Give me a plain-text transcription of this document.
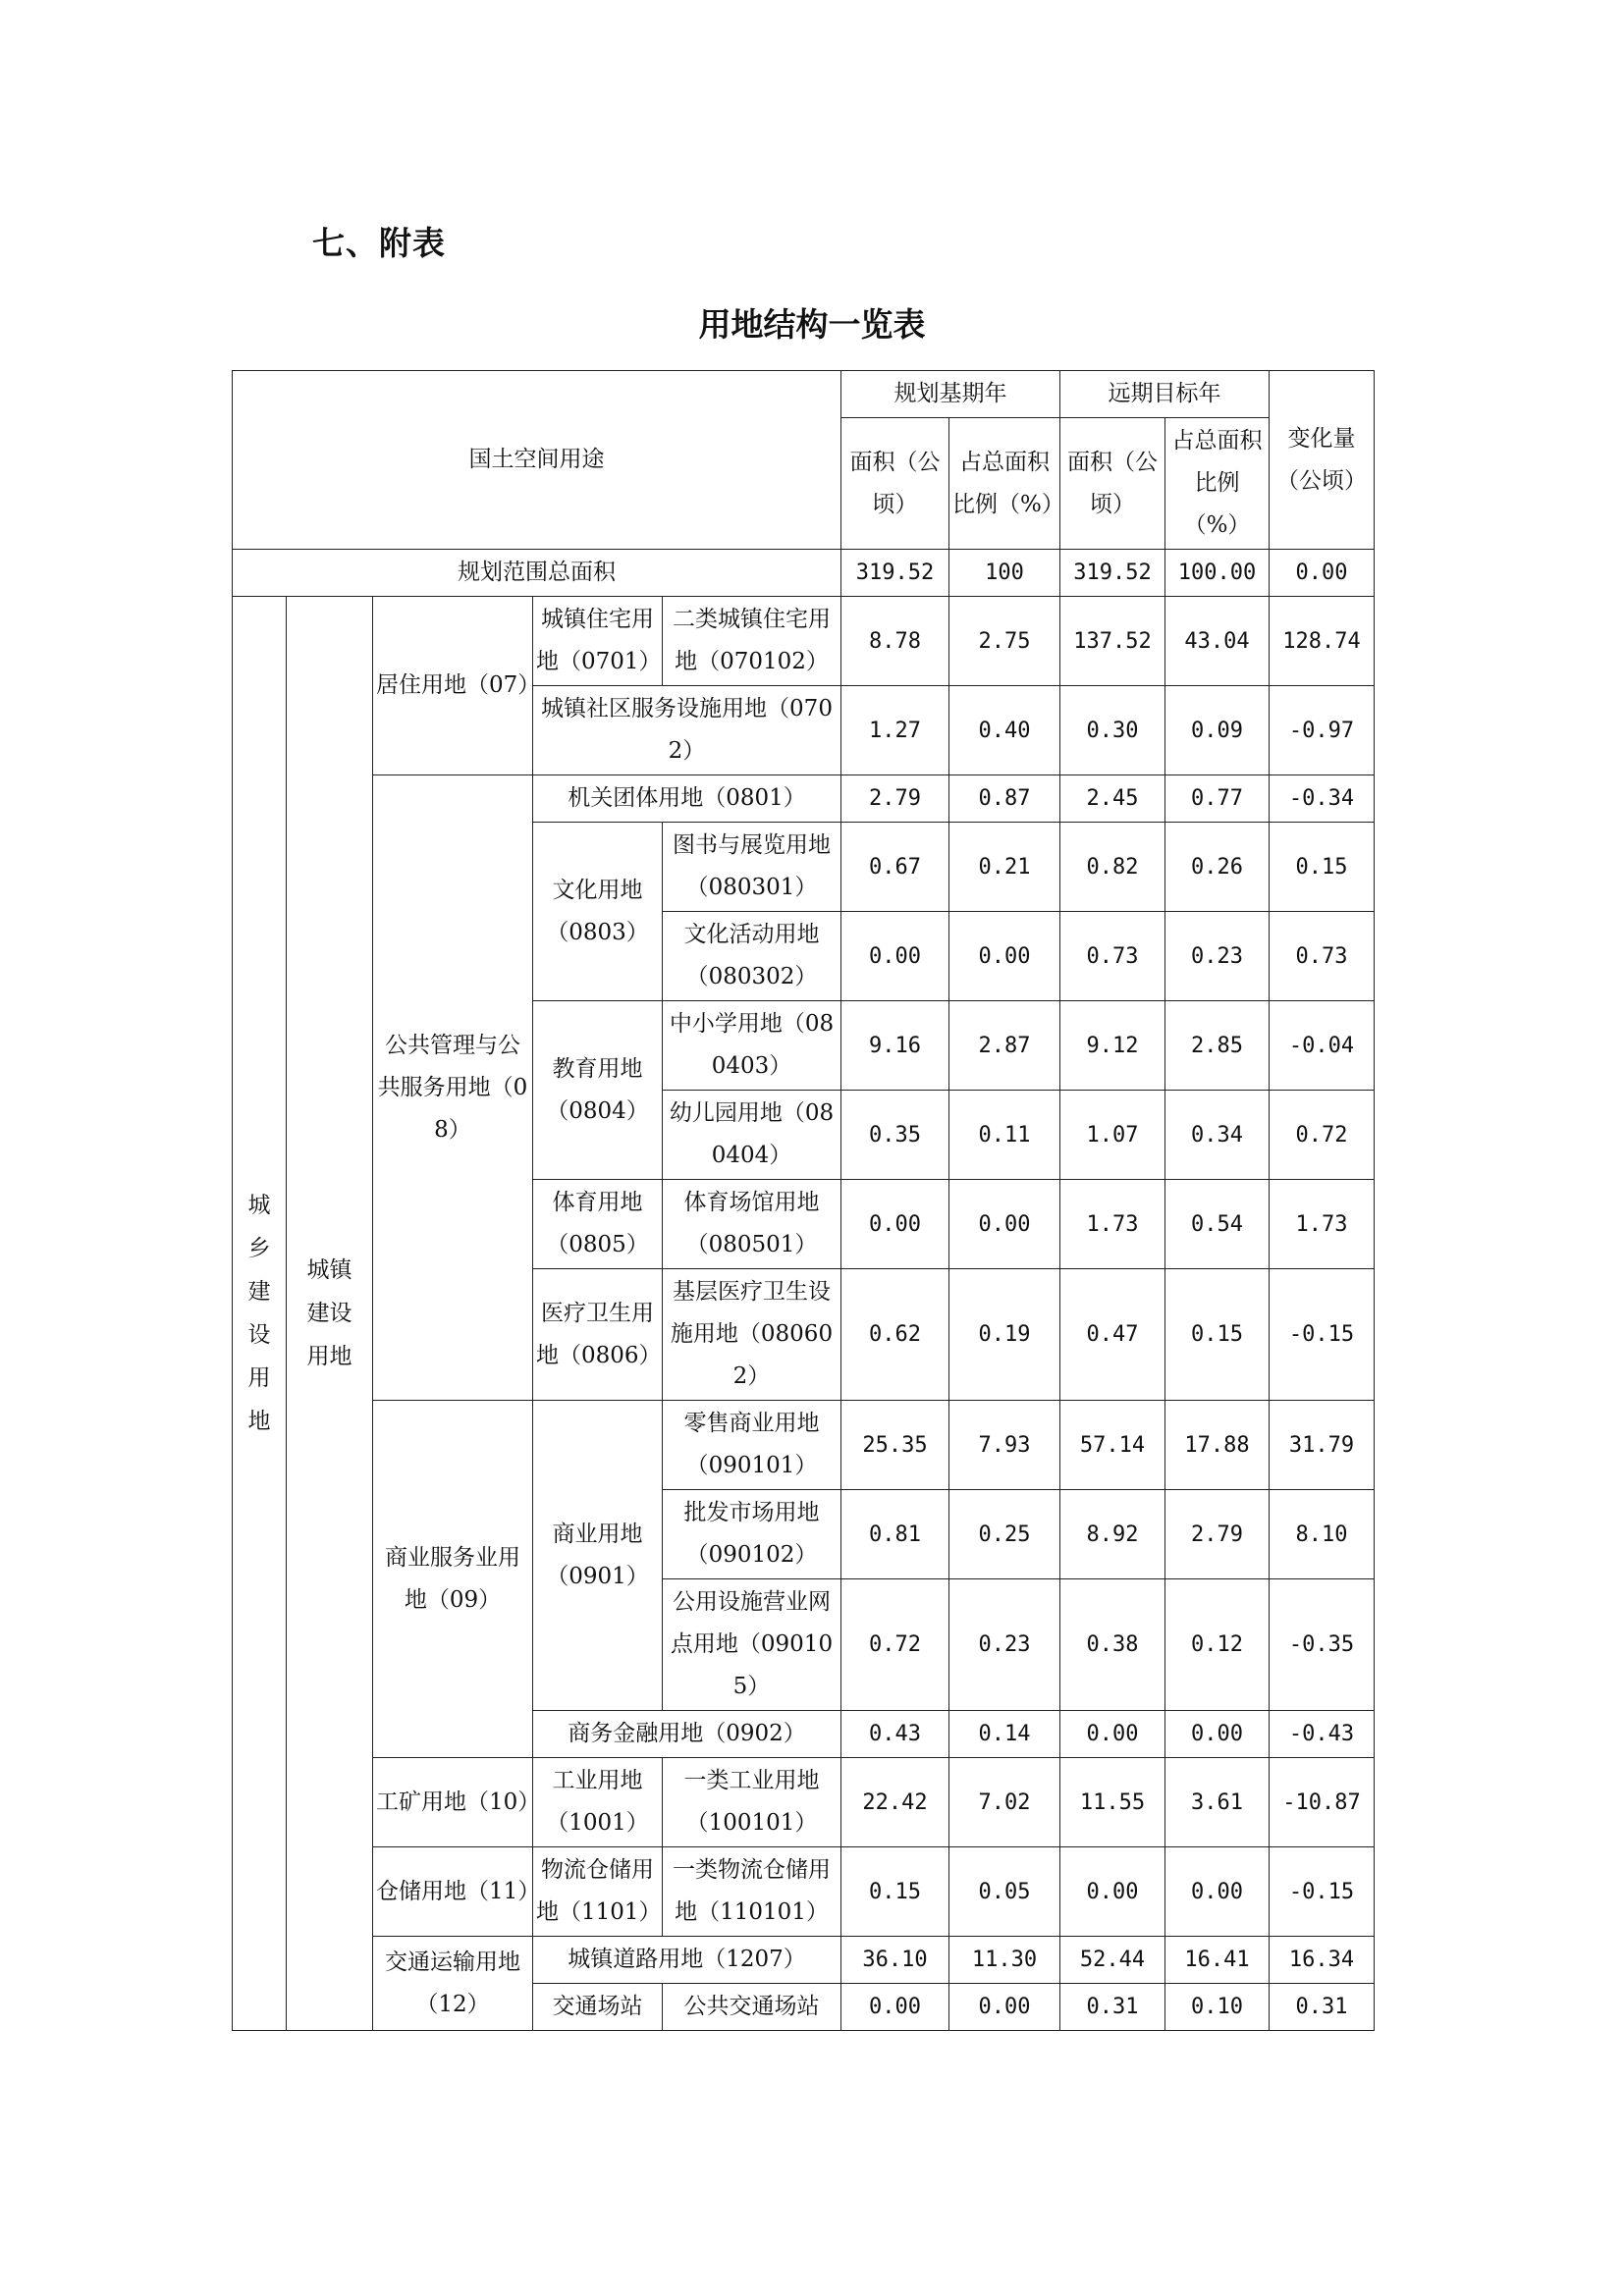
七、附表
用地结构一览表
国土空间用途					规划基期年		远期目标年		变化量（公顷）
					面积（公顷）	占总面积比例（%）	面积（公顷）	占总面积比例（%）	
规划范围总面积					319.52	100	319.52	100.00	0.00

城乡建设用地	城镇建设用地	居住用地（07）	城镇住宅用地（0701）	二类城镇住宅用地（070102）	8.78	2.75	137.52	43.04	128.74
			城镇社区服务设施用地（0702）		1.27	0.40	0.30	0.09	-0.97
		公共管理与公共服务用地（08）	机关团体用地（0801）		2.79	0.87	2.45	0.77	-0.34
			文化用地（0803）	图书与展览用地（080301）	0.67	0.21	0.82	0.26	0.15
				文化活动用地（080302）	0.00	0.00	0.73	0.23	0.73
			教育用地（0804）	中小学用地（080403）	9.16	2.87	9.12	2.85	-0.04
				幼儿园用地（080404）	0.35	0.11	1.07	0.34	0.72
			体育用地（0805）	体育场馆用地（080501）	0.00	0.00	1.73	0.54	1.73
			医疗卫生用地（0806）	基层医疗卫生设施用地（080602）	0.62	0.19	0.47	0.15	-0.15
		商业服务业用地（09）	商业用地（0901）	零售商业用地（090101）	25.35	7.93	57.14	17.88	31.79
				批发市场用地（090102）	0.81	0.25	8.92	2.79	8.10
				公用设施营业网点用地（090105）	0.72	0.23	0.38	0.12	-0.35
			商务金融用地（0902）		0.43	0.14	0.00	0.00	-0.43
		工矿用地（10）	工业用地（1001）	一类工业用地（100101）	22.42	7.02	11.55	3.61	-10.87
		仓储用地（11）	物流仓储用地（1101）	一类物流仓储用地（110101）	0.15	0.05	0.00	0.00	-0.15
		交通运输用地（12）	城镇道路用地（1207）		36.10	11.30	52.44	16.41	16.34
			交通场站	公共交通场站	0.00	0.00	0.31	0.10	0.31
